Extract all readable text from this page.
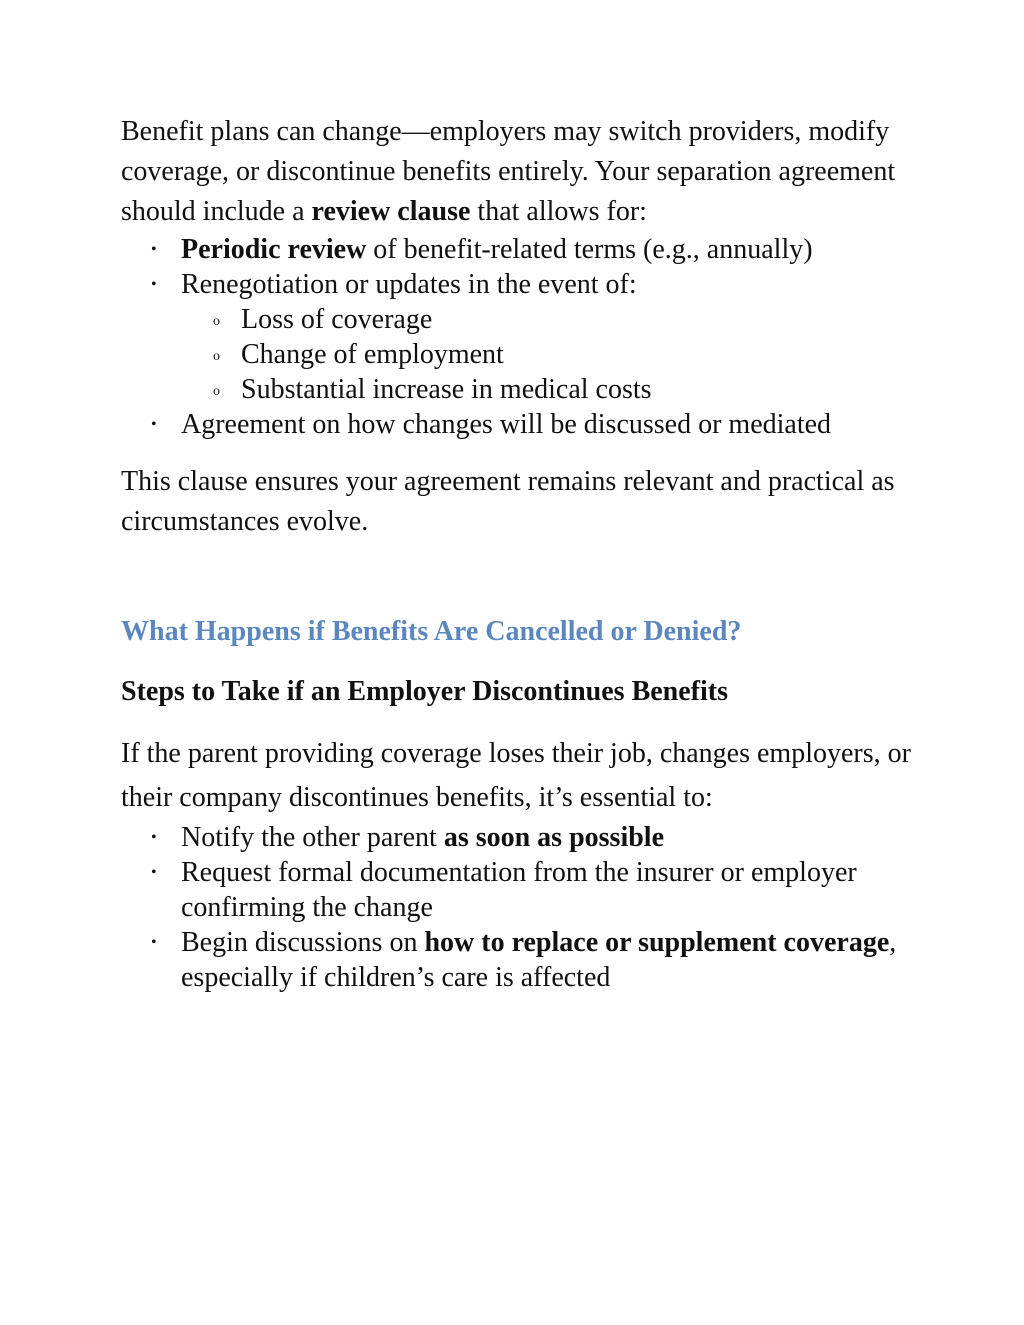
Benefit plans can change—employers may switch providers, modify coverage, or discontinue benefits entirely. Your separation agreement should include a review clause that allows for:

• Periodic review of benefit-related terms (e.g., annually)
• Renegotiation or updates in the event of:
o Loss of coverage
o Change of employment
o Substantial increase in medical costs
• Agreement on how changes will be discussed or mediated

This clause ensures your agreement remains relevant and practical as circumstances evolve.

What Happens if Benefits Are Cancelled or Denied?
Steps to Take if an Employer Discontinues Benefits

If the parent providing coverage loses their job, changes employers, or their company discontinues benefits, it’s essential to:

• Notify the other parent as soon as possible
• Request formal documentation from the insurer or employer confirming the change
• Begin discussions on how to replace or supplement coverage, especially if children’s care is affected
